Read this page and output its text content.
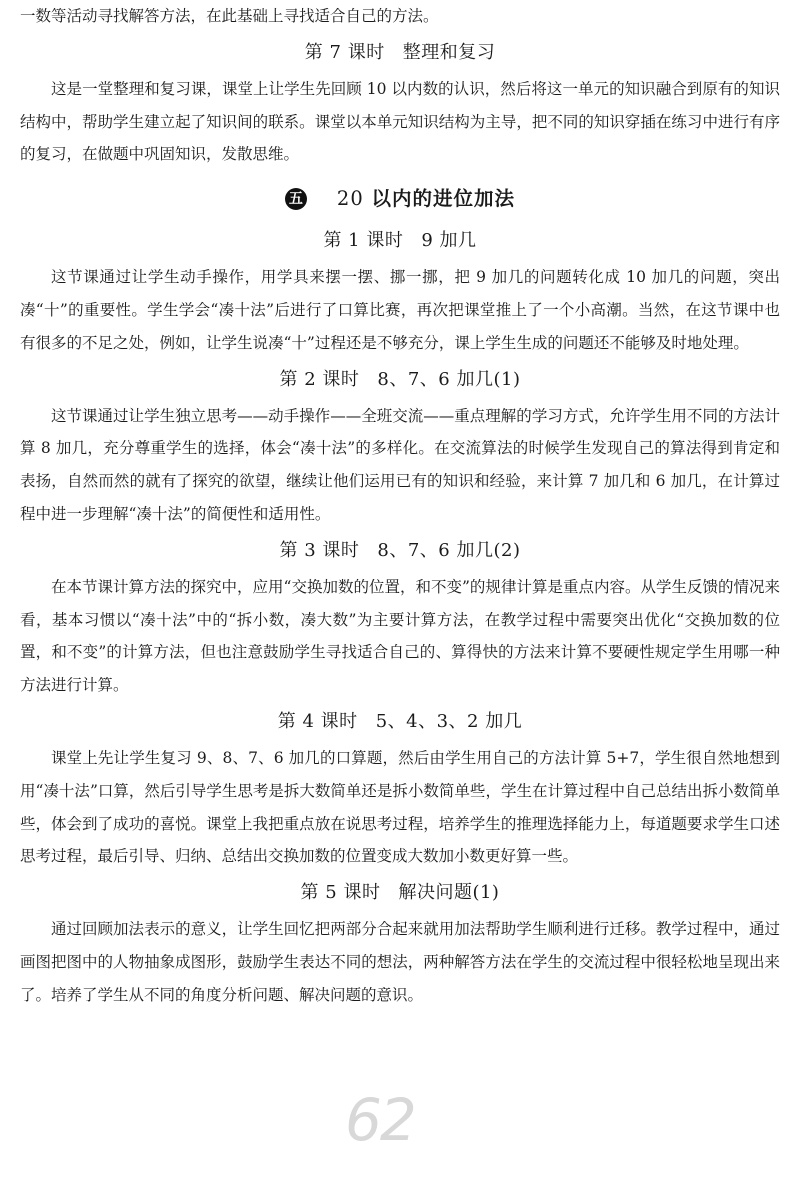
62

一数等活动寻找解答方法，在此基础上寻找适合自己的方法。

第 7 课时 整理和复习

这是一堂整理和复习课，课堂上让学生先回顾 10 以内数的认识，然后将这一单元的知识融合到原有的知识结构中，帮助学生建立起了知识间的联系。课堂以本单元知识结构为主导，把不同的知识穿插在练习中进行有序的复习，在做题中巩固知识，发散思维。

五 20 以内的进位加法
第 1 课时 9 加几

这节课通过让学生动手操作，用学具来摆一摆、挪一挪，把 9 加几的问题转化成 10 加几的问题，突出凑“十”的重要性。学生学会“凑十法”后进行了口算比赛，再次把课堂推上了一个小高潮。当然，在这节课中也有很多的不足之处，例如，让学生说凑“十”过程还是不够充分，课上学生生成的问题还不能够及时地处理。

第 2 课时 8、7、6 加几(1)

这节课通过让学生独立思考——动手操作——全班交流——重点理解的学习方式，允许学生用不同的方法计算 8 加几，充分尊重学生的选择，体会“凑十法”的多样化。在交流算法的时候学生发现自己的算法得到肯定和表扬，自然而然的就有了探究的欲望，继续让他们运用已有的知识和经验，来计算 7 加几和 6 加几，在计算过程中进一步理解“凑十法”的简便性和适用性。

第 3 课时 8、7、6 加几(2)

在本节课计算方法的探究中，应用“交换加数的位置，和不变”的规律计算是重点内容。从学生反馈的情况来看，基本习惯以“凑十法”中的“拆小数，凑大数”为主要计算方法，在教学过程中需要突出优化“交换加数的位置，和不变”的计算方法，但也注意鼓励学生寻找适合自己的、算得快的方法来计算不要硬性规定学生用哪一种方法进行计算。

第 4 课时 5、4、3、2 加几

课堂上先让学生复习 9、8、7、6 加几的口算题，然后由学生用自己的方法计算 5+7，学生很自然地想到用“凑十法”口算，然后引导学生思考是拆大数简单还是拆小数简单些，学生在计算过程中自己总结出拆小数简单些，体会到了成功的喜悦。课堂上我把重点放在说思考过程，培养学生的推理选择能力上，每道题要求学生口述思考过程，最后引导、归纳、总结出交换加数的位置变成大数加小数更好算一些。

第 5 课时 解决问题(1)

通过回顾加法表示的意义，让学生回忆把两部分合起来就用加法帮助学生顺利进行迁移。教学过程中，通过画图把图中的人物抽象成图形，鼓励学生表达不同的想法，两种解答方法在学生的交流过程中很轻松地呈现出来了。培养了学生从不同的角度分析问题、解决问题的意识。
